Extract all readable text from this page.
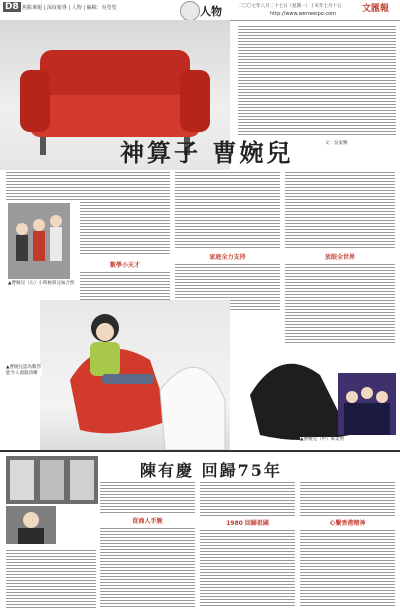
D8 焦點專題 | 深度報導 | 人物 | 編輯：吳瑩瑩	人物	二〇〇七年八月二十七日（星期一）丁亥年七月十五 文匯報
http://www.wenweipo.com
文：吳家樂
神算子 曹婉兒
▲曹婉兒（右）小時候與兄妹合照
數學小天才
家庭全力支持	放眼全世界
▲曹婉兒認為數學能令人頭腦清晰
▲曹婉兒（中）畢業照
陳有慶 回歸75年
從商人手腕	1980 回歸祖國	心繫香港精神
